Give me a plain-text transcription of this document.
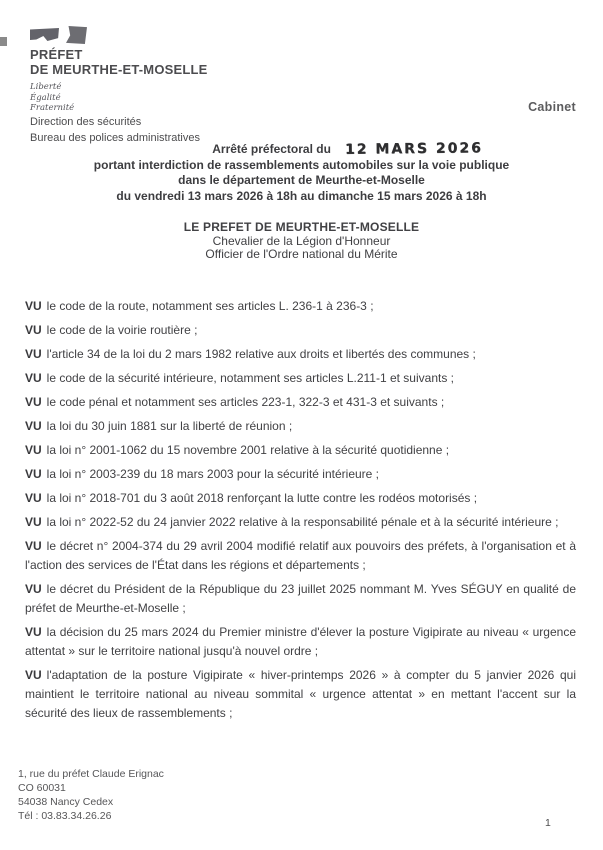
PRÉFET
DE MEURTHE-ET-MOSELLE
Liberté
Égalité
Fraternité	Cabinet
Direction des sécurités
Bureau des polices administratives
Arrêté préfectoral du 12 MARS 2026
portant interdiction de rassemblements automobiles sur la voie publique
dans le département de Meurthe-et-Moselle
du vendredi 13 mars 2026 à 18h au dimanche 15 mars 2026 à 18h
LE PREFET DE MEURTHE-ET-MOSELLE
Chevalier de la Légion d'Honneur
Officier de l'Ordre national du Mérite

VU le code de la route, notamment ses articles L. 236-1 à 236-3 ;

VU le code de la voirie routière ;

VU l'article 34 de la loi du 2 mars 1982 relative aux droits et libertés des communes ;

VU le code de la sécurité intérieure, notamment ses articles L.211-1 et suivants ;

VU le code pénal et notamment ses articles 223-1, 322-3 et 431-3 et suivants ;

VU la loi du 30 juin 1881 sur la liberté de réunion ;

VU la loi n° 2001-1062 du 15 novembre 2001 relative à la sécurité quotidienne ;

VU la loi n° 2003-239 du 18 mars 2003 pour la sécurité intérieure ;

VU la loi n° 2018-701 du 3 août 2018 renforçant la lutte contre les rodéos motorisés ;

VU la loi n° 2022-52 du 24 janvier 2022 relative à la responsabilité pénale et à la sécurité intérieure ;

VU le décret n° 2004-374 du 29 avril 2004 modifié relatif aux pouvoirs des préfets, à l'organisation et à l'action des services de l'État dans les régions et départements ;

VU le décret du Président de la République du 23 juillet 2025 nommant M. Yves SÉGUY en qualité de préfet de Meurthe-et-Moselle ;

VU la décision du 25 mars 2024 du Premier ministre d'élever la posture Vigipirate au niveau « urgence attentat » sur le territoire national jusqu'à nouvel ordre ;

VU l'adaptation de la posture Vigipirate « hiver-printemps 2026 » à compter du 5 janvier 2026 qui maintient le territoire national au niveau sommital « urgence attentat » en mettant l'accent sur la sécurité des lieux de rassemblements ;

1, rue du préfet Claude Erignac
CO 60031
54038 Nancy Cedex
Tél : 03.83.34.26.26
1
